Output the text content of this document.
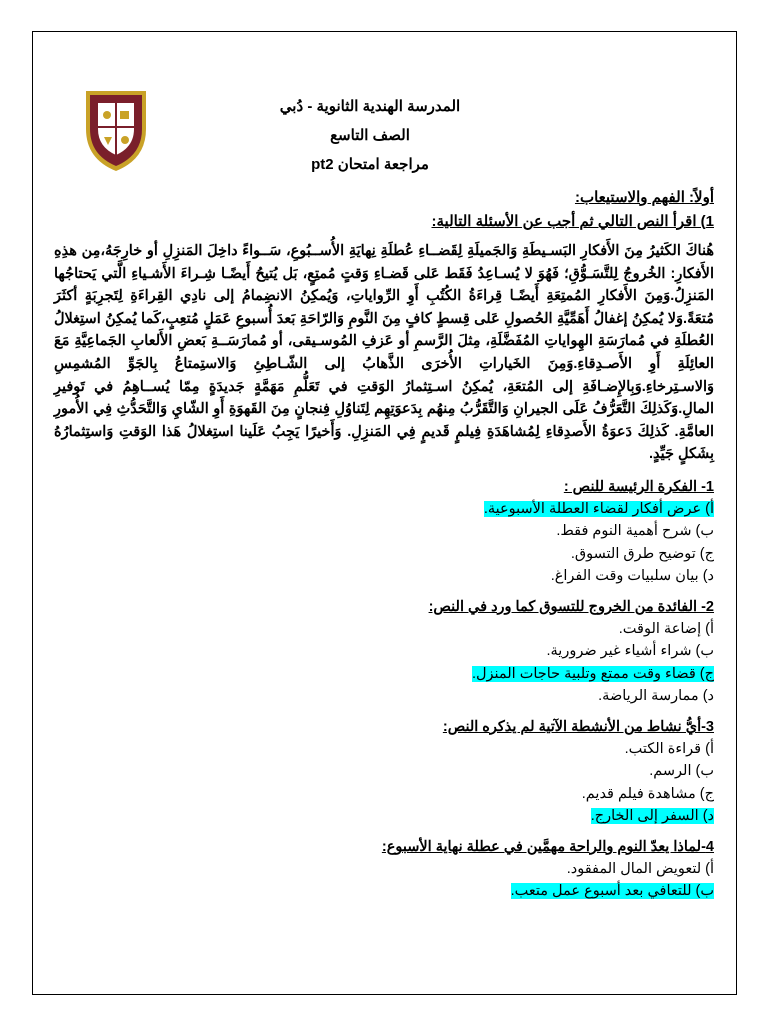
المدرسة الهندية الثانوية - دُبي
الصف التاسع
مراجعة امتحان pt2
أولاً: الفهم والاستيعاب:
1) اقرأ النص التالي ثم أجب عن الأسئلة التالية:
هُناكَ الكَثيرُ مِنَ الأَفكارِ البَسـيطَةِ وَالجَميلَةِ لِقَضــاءِ عُطلَةِ نِهايَةِ الأُســبُوعِ، سَــواءً داخِلَ المَنزِلِ أو خارِجَهُ،مِن هذِهِ الأَفكارِ: الخُروجُ لِلتَّسَـوُّقِ؛ فَهُوَ لا يُسـاعِدُ فَقَط عَلى قَضـاءِ وَقتٍ مُمتِعٍ، بَل يُتيحُ أَيضًـا شِـراءَ الأَشـياءِ الَّتي يَحتاجُها المَنزِلُ.وَمِنَ الأَفكارِ المُمتِعَةِ أَيضًـا قِراءَةُ الكُتُبِ أَوِ الرِّواياتِ، وَيُمكِنُ الانضِمامُ إلى نادِي القِراءَةِ لِتَجرِبَةٍ أكثَرَ مُتعَةً.وَلا يُمكِنُ إغفالُ أَهَمِّيَّةِ الحُصولِ عَلى قِسطٍ كافٍ مِنَ النَّومِ وَالرّاحَةِ بَعدَ أُسبوعِ عَمَلٍ مُتعِبٍ،كَما يُمكِنُ استِغلالُ العُطلَةِ في مُمارَسَةِ الهِواياتِ المُفَضَّلَةِ، مِثلَ الرَّسمِ أو عَزفِ المُوسـيقى، أو مُمارَسَــةِ بَعضِ الأَلعابِ الجَماعِيَّةِ مَعَ العائِلَةِ أَوِ الأَصـدِقاءِ.وَمِنَ الخَياراتِ الأُخرَى الذَّهابُ إلى الشّـاطِئِ وَالاستِمتاعُ بِالجَوِّ المُشمِسِ وَالاسـتِرخاءِ.وَبِالإِضـافَةِ إلى المُتعَةِ، يُمكِنُ اسـتِثمارُ الوَقتِ في تَعَلُّمِ مَهَمَّةٍ جَديدَةٍ مِمّا يُســاهِمُ في تَوفيرِ المالِ.وَكَذلِكَ التَّعَرُّفُ عَلَى الجيرانِ وَالتَّقَرُّبُ مِنهُم بِدَعوَتِهِم لِتَناوُلِ فِنجانٍ مِنَ القَهوَةِ أَوِ الشّايِ وَالتَّحَدُّثِ فِي الأُمورِ العامَّةِ. كَذلِكَ دَعوَةُ الأَصدِقاءِ لِمُشاهَدَةِ فِيلمٍ قَديمٍ فِي المَنزِلِ. وَأَخيرًا يَجِبُ عَلَينا استِغلالُ هَذا الوَقتِ وَاستِثمارُهُ بِشَكلٍ جَيِّدٍ.
1- الفكرة الرئيسة للنص :
أ) عرض أفكار لقضاء العطلة الأسبوعية.
ب) شرح أهمية النوم فقط.
ج) توضيح طرق التسوق.
د) بيان سلبيات وقت الفراغ.
2- الفائدة من الخروج للتسوق كما ورد في النص:
أ) إضاعة الوقت.
ب) شراء أشياء غير ضرورية.
ج) قضاء وقت ممتع وتلبية حاجات المنزل.
د) ممارسة الرياضة.
3-أيُّ نشاط من الأنشطة الآتية لم يذكره النص:
أ) قراءة الكتب.
ب) الرسم.
ج) مشاهدة فيلم قديم.
د) السفر إلى الخارج.
4-لماذا يعدّ النوم والراحة مهمَّين في عطلة نهاية الأسبوع:
أ) لتعويض المال المفقود.
ب) للتعافي بعد أسبوع عمل متعب.
